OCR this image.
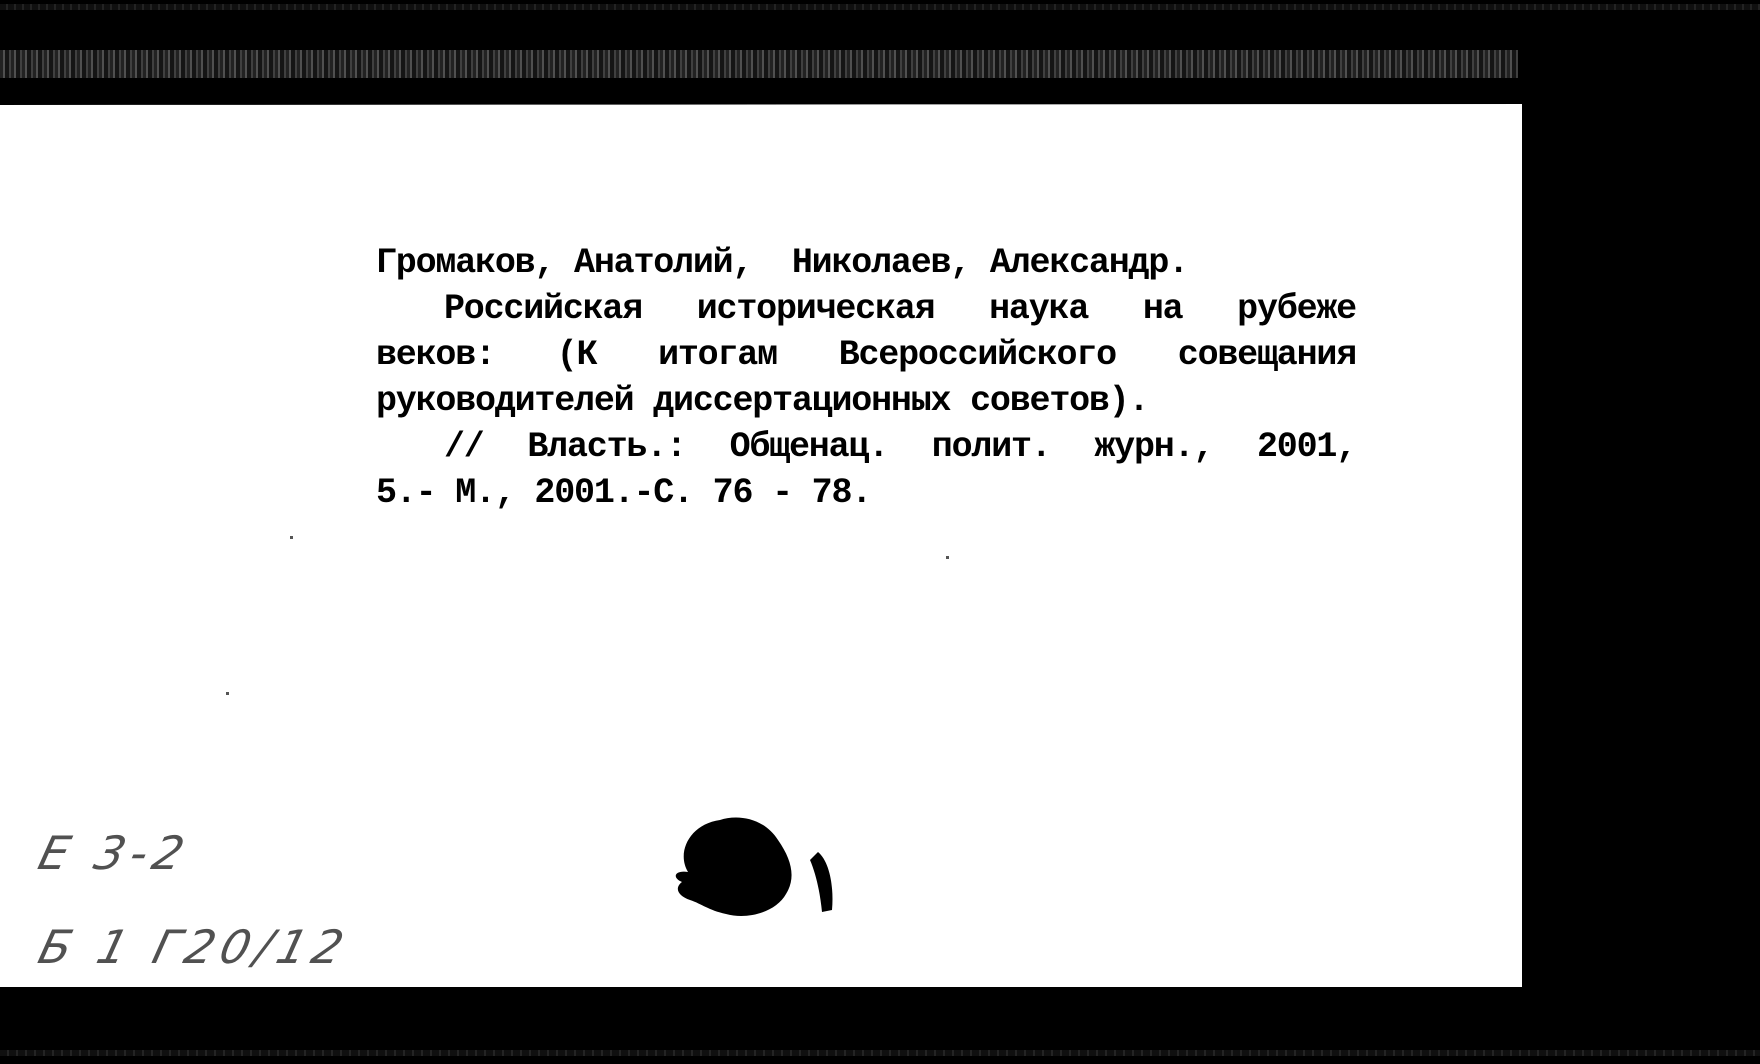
Громаков, Анатолий,  Николаев, Александр.
Российская историческая наука на рубеже
веков: (К итогам Всероссийского совещания
руководителей диссертационных советов).
// Власть.: Общенац. полит. журн., 2001,
5.- М., 2001.-С. 76 - 78.
Е 3-2
Б 1 Г20/12
